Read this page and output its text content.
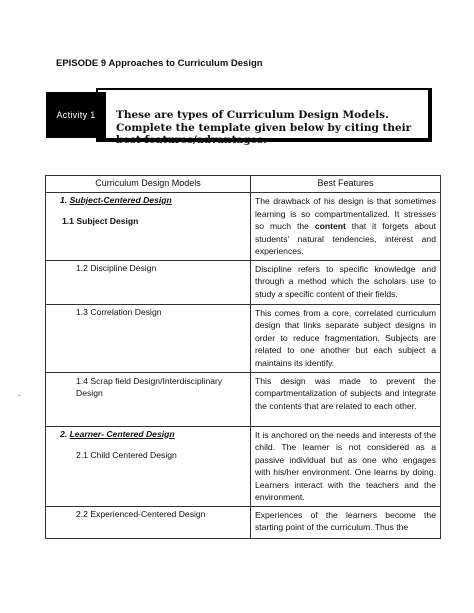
EPISODE 9 Approaches to Curriculum Design
Activity 1	These are types of Curriculum Design Models. Complete the template given below by citing their best features/advantages.
Curriculum Design Models	Best Features

1. Subject-Centered Design
1.1 Subject Design	The drawback of his design is that sometimes learning is so compartmentalized. It stresses so much the content that it forgets about students' natural tendencies, interest and experiences.

1.2 Discipline Design	Discipline refers to specific knowledge and through a method which the scholars use to study a specific content of their fields.

1.3 Correlation Design	This comes from a core, correlated curriculum design that links separate subject designs in order to reduce fragmentation. Subjects are related to one another but each subject a maintains its identify.

.
1.4 Scrap field Design/Interdisciplinary Design	This design was made to prevent the compartmentalization of subjects and integrate the contents that are related to each other.

2. Learner- Centered Design
2.1 Child Centered Design	It is anchored on the needs and interests of the child. The learner is not considered as a passive individual but as one who engages with his/her environment. One learns by doing. Learners interact with the teachers and the environment.

2.2 Experienced-Centered Design	Experiences of the learners become the starting point of the curriculum. Thus the
